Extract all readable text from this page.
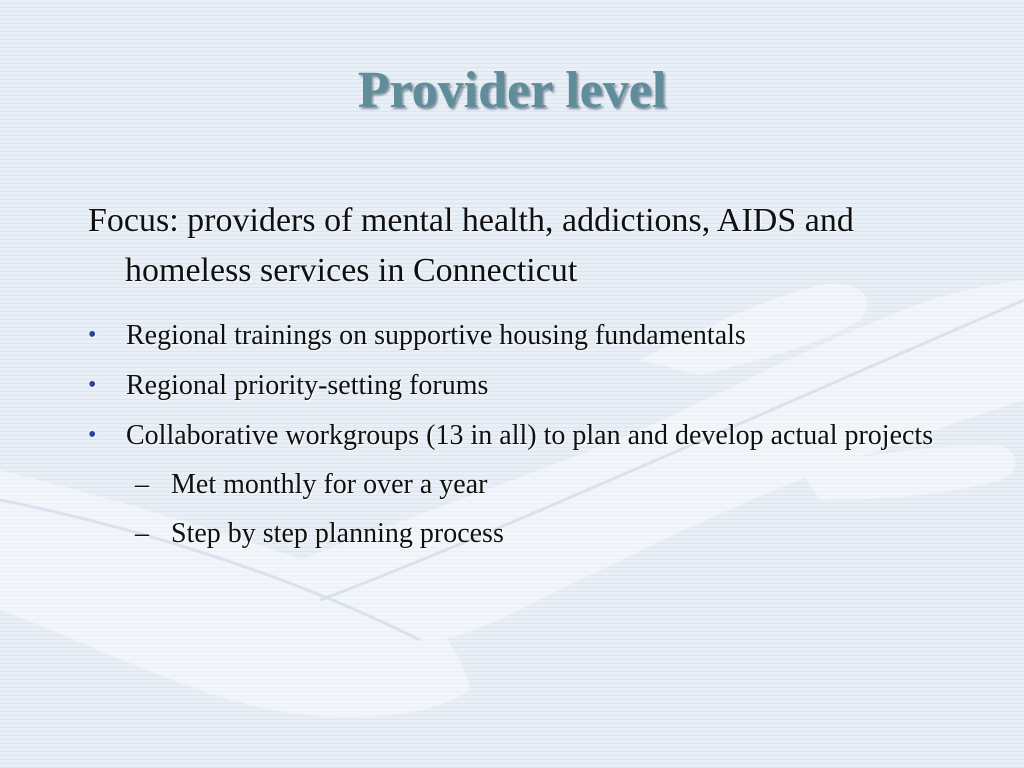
Provider level

Focus: providers of mental health, addictions, AIDS and homeless services in Connecticut

• Regional trainings on supportive housing fundamentals
• Regional priority-setting forums
• Collaborative workgroups (13 in all) to plan and develop actual projects
– Met monthly for over a year
– Step by step planning process
